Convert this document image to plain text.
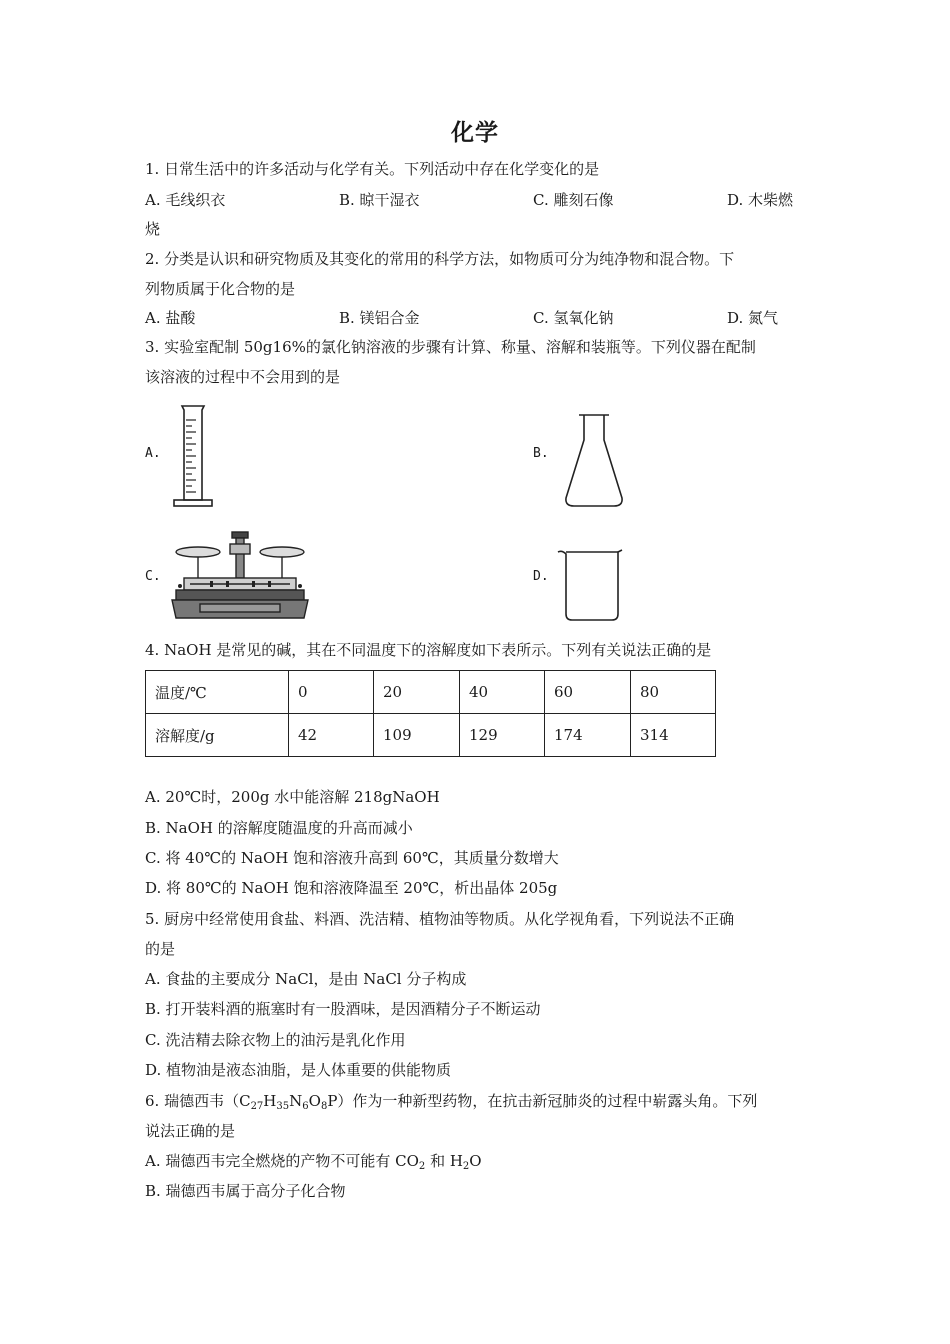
化学
1. 日常生活中的许多活动与化学有关。下列活动中存在化学变化的是
A. 毛线织衣	B. 晾干湿衣	C. 雕刻石像	D. 木柴燃
烧
2. 分类是认识和研究物质及其变化的常用的科学方法，如物质可分为纯净物和混合物。下
列物质属于化合物的是
A. 盐酸	B. 镁铝合金	C. 氢氧化钠	D. 氮气
3. 实验室配制 50g16%的氯化钠溶液的步骤有计算、称量、溶解和装瓶等。下列仪器在配制
该溶液的过程中不会用到的是
A.	B.
C.	D.
4. NaOH 是常见的碱，其在不同温度下的溶解度如下表所示。下列有关说法正确的是
温度/℃	0	20	40	60	80
溶解度/g	42	109	129	174	314
A. 20℃时，200g 水中能溶解 218gNaOH
B. NaOH 的溶解度随温度的升高而减小
C. 将 40℃的 NaOH 饱和溶液升高到 60℃，其质量分数增大
D. 将 80℃的 NaOH 饱和溶液降温至 20℃，析出晶体 205g
5. 厨房中经常使用食盐、料酒、洗洁精、植物油等物质。从化学视角看，下列说法不正确
的是
A. 食盐的主要成分 NaCl，是由 NaCl 分子构成
B. 打开装料酒的瓶塞时有一股酒味，是因酒精分子不断运动
C. 洗洁精去除衣物上的油污是乳化作用
D. 植物油是液态油脂，是人体重要的供能物质
6. 瑞德西韦$(C_{27}H_{35}N_6O_8P)$作为一种新型药物，在抗击新冠肺炎的过程中崭露头角。下列
说法正确的是
A. 瑞德西韦完全燃烧的产物不可能有 $CO_2$ 和 $H_2O$
B. 瑞德西韦属于高分子化合物
